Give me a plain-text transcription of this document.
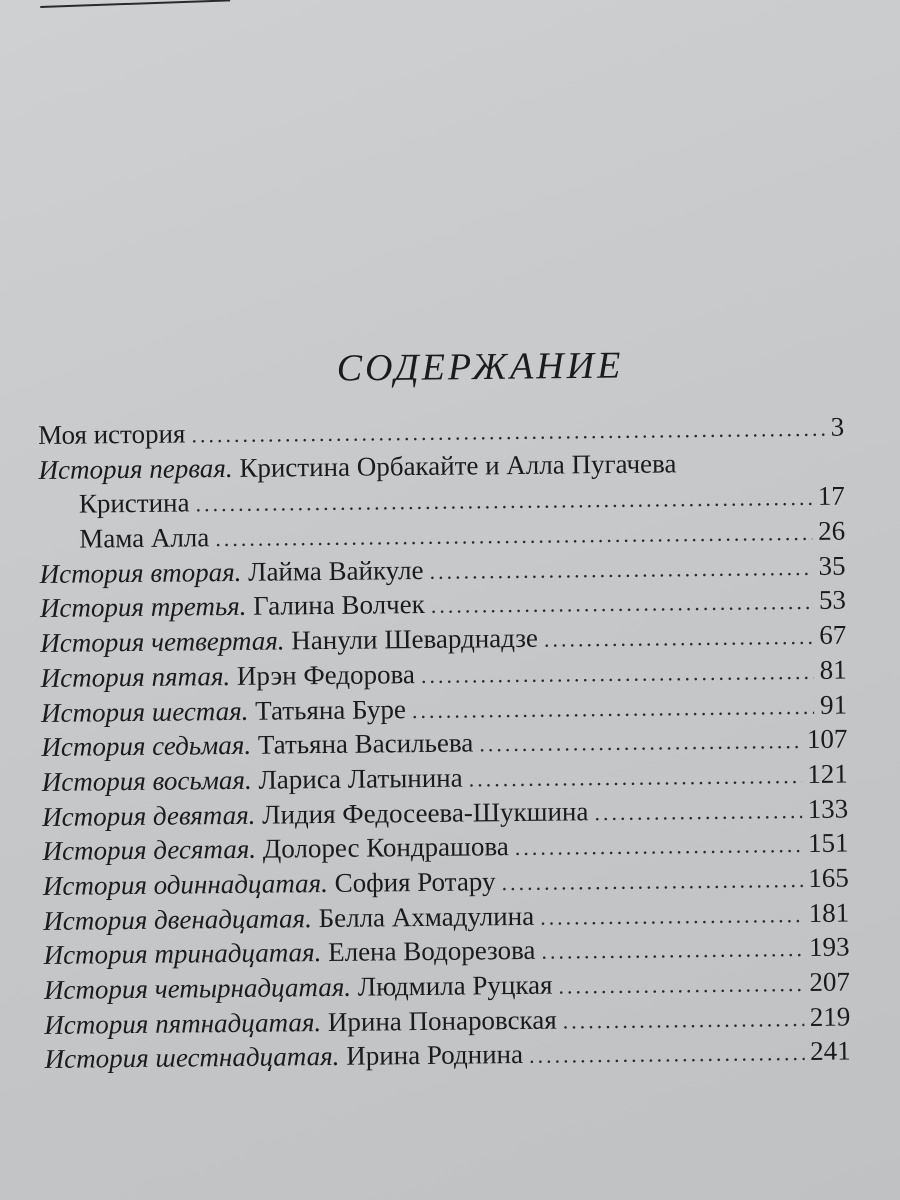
СОДЕРЖАНИЕ
Моя история .....	3
История первая. Кристина Орбакайте и Алла Пугачева
Кристина .....	17
Мама Алла .....	26
История вторая. Лайма Вайкуле .....	35
История третья. Галина Волчек .....	53
История четвертая. Нанули Шеварднадзе .....	67
История пятая. Ирэн Федорова .....	81
История шестая. Татьяна Буре .....	91
История седьмая. Татьяна Васильева .....	107
История восьмая. Лариса Латынина .....	121
История девятая. Лидия Федосеева-Шукшина .....	133
История десятая. Долорес Кондрашова .....	151
История одиннадцатая. София Ротару .....	165
История двенадцатая. Белла Ахмадулина .....	181
История тринадцатая. Елена Водорезова .....	193
История четырнадцатая. Людмила Руцкая .....	207
История пятнадцатая. Ирина Понаровская .....	219
История шестнадцатая. Ирина Роднина .....	241
